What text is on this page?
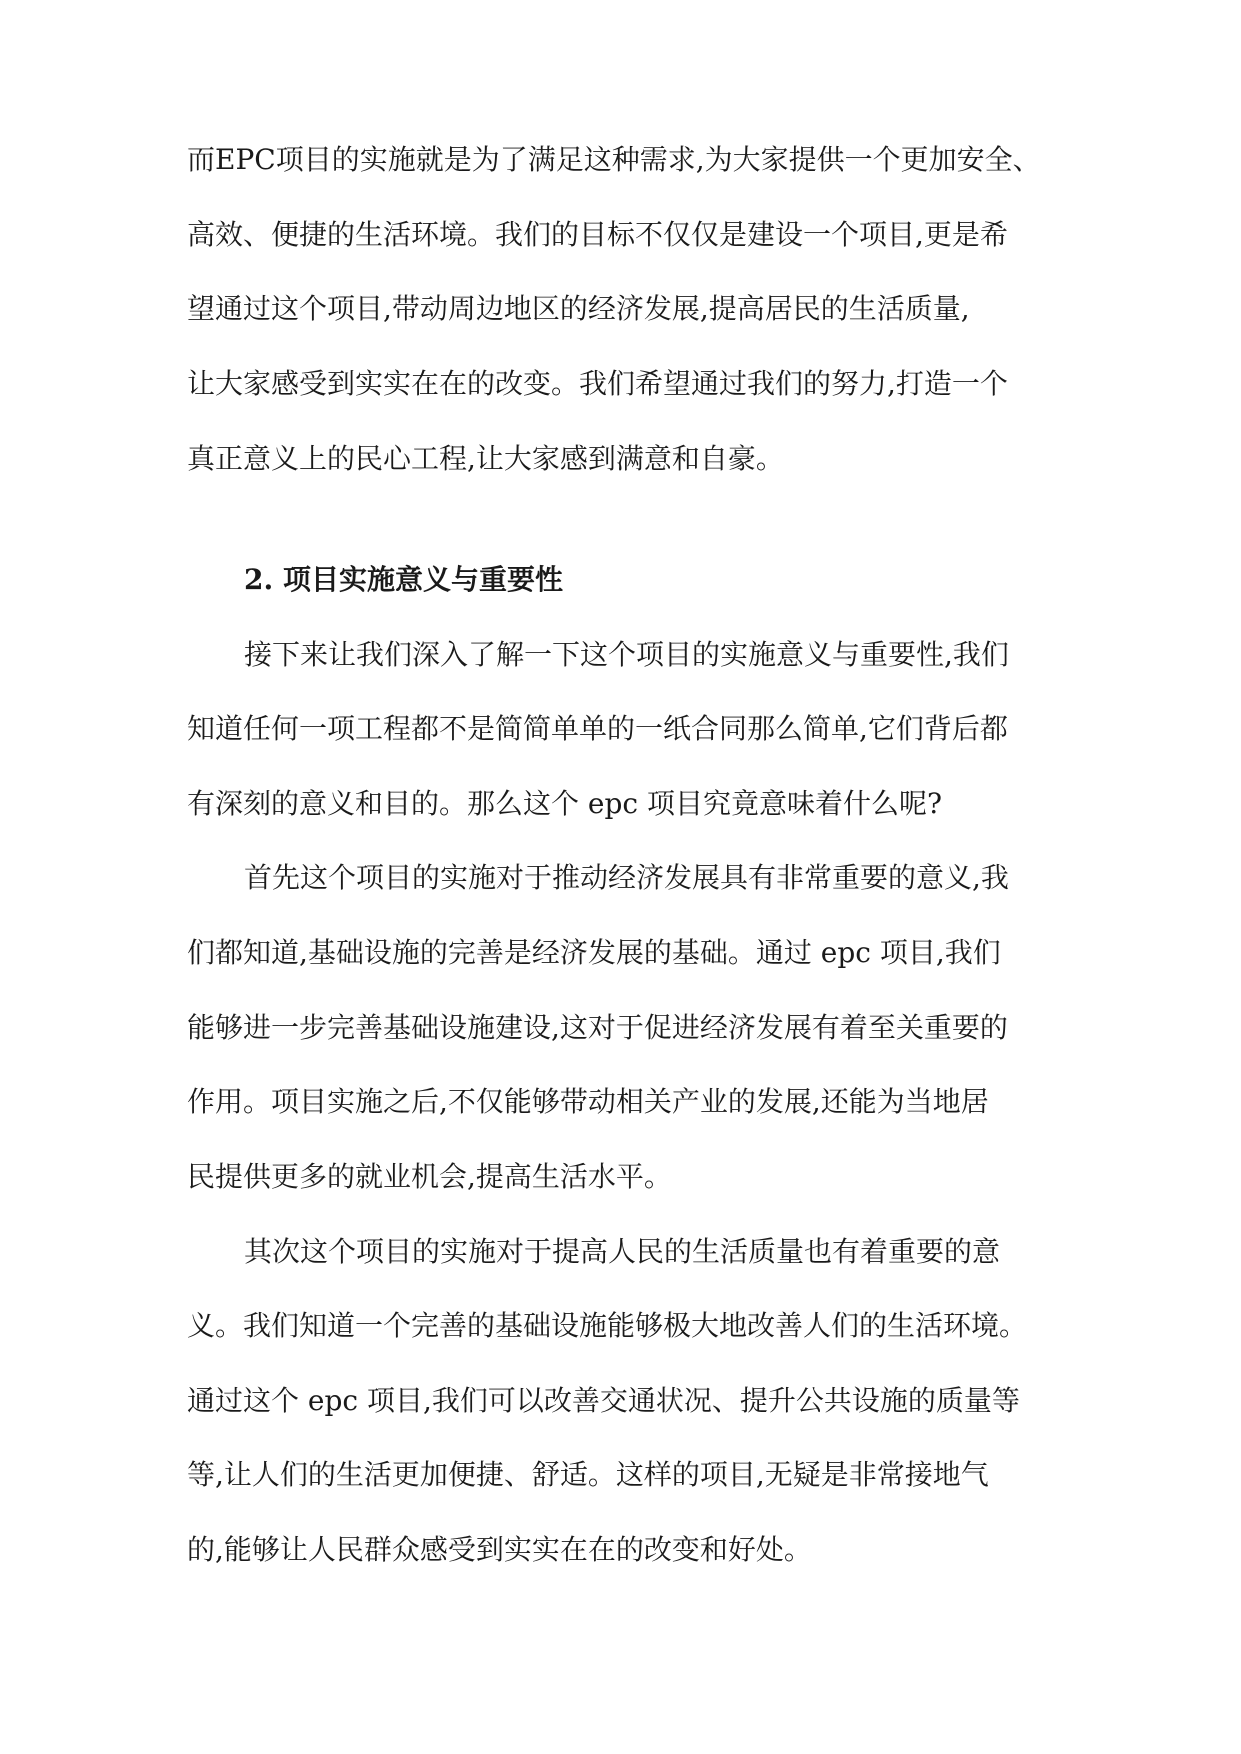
而EPC项目的实施就是为了满足这种需求,为大家提供一个更加安全、

高效、便捷的生活环境。我们的目标不仅仅是建设一个项目,更是希

望通过这个项目,带动周边地区的经济发展,提高居民的生活质量,

让大家感受到实实在在的改变。我们希望通过我们的努力,打造一个

真正意义上的民心工程,让大家感到满意和自豪。

2. 项目实施意义与重要性

接下来让我们深入了解一下这个项目的实施意义与重要性,我们

知道任何一项工程都不是简简单单的一纸合同那么简单,它们背后都

有深刻的意义和目的。那么这个 epc 项目究竟意味着什么呢?

首先这个项目的实施对于推动经济发展具有非常重要的意义,我

们都知道,基础设施的完善是经济发展的基础。通过 epc 项目,我们

能够进一步完善基础设施建设,这对于促进经济发展有着至关重要的

作用。项目实施之后,不仅能够带动相关产业的发展,还能为当地居

民提供更多的就业机会,提高生活水平。

其次这个项目的实施对于提高人民的生活质量也有着重要的意

义。我们知道一个完善的基础设施能够极大地改善人们的生活环境。

通过这个 epc 项目,我们可以改善交通状况、提升公共设施的质量等

等,让人们的生活更加便捷、舒适。这样的项目,无疑是非常接地气

的,能够让人民群众感受到实实在在的改变和好处。
